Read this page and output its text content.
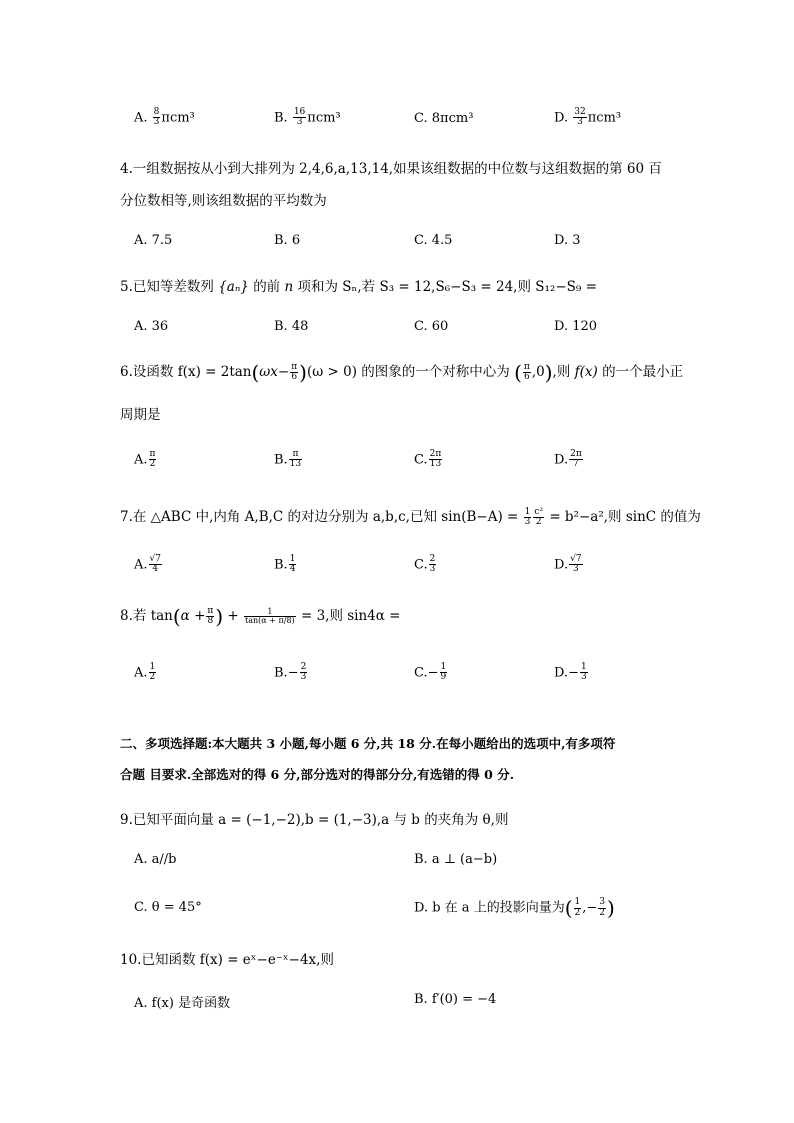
A. $\frac{8}{3} \pi cm^3$	B. $\frac{16}{3} \pi cm^3$	C. 8πcm³	D. $\frac{32}{3} \pi cm^3$
4.一组数据按从小到大排列为 2,4,6,a,13,14,如果该组数据的中位数与这组数据的第 60 百
分位数相等,则该组数据的平均数为
A. 7.5	B. 6	C. 4.5	D. 3
5.已知等差数列 {aₙ} 的前 n 项和为 Sₙ,若 S₃ = 12,S₆−S₃ = 24,则 S₁₂−S₉ =
A. 36	B. 48	C. 60	D. 120
6.设函数 $f(x) = 2\tan(\omega x- \frac{\pi}{6} )(\omega > 0)$ 的图象的一个对称中心为 ( $\frac{\pi}{6} ,0$),则 f(x) 的一个最小正
周期是
A. $\frac{\pi}{2}$	B. $\frac{\pi}{13}$	C. $\frac{2\pi}{13}$	D. $\frac{2\pi}{7}$
7.在 △ABC 中,内角 A,B,C 的对边分别为 a,b,c,已知 $\sin(B-A) = \frac{1}{3} \frac{\text{c²}}{2} = b^2-a^2$,则 sinC 的值为
A. $\frac{√7}{4}$	B. $\frac{1}{4}$	C. $\frac{2}{3}$	D. $\frac{√7}{3}$
8.若 $\tan(\alpha + \frac{\pi}{8}$ ) + $\frac{1}{\tan(\alpha + \pi/8)} = 3$,则 sin4α =
A. $\frac{1}{2}$	$B.- \frac{2}{3}$	$C.- \frac{1}{9}$	$D.- \frac{1}{3}$
二、多项选择题:本大题共 3 小题,每小题 6 分,共 18 分.在每小题给出的选项中,有多项符
合题 目要求.全部选对的得 6 分,部分选对的得部分分,有选错的得 0 分.
9.已知平面向量 a = (−1,−2),b = (1,−3),a 与 b 的夹角为 θ,则
A. a//b	B. a ⊥ (a−b)
C. θ = 45°	D. b 在 a 上的投影向量为( $\frac{1}{2}$ ,− $\frac{3}{2}$ )
10.已知函数 f(x) = eˣ−e⁻ˣ−4x,则
A. f(x) 是奇函数	B. f′(0) = −4
